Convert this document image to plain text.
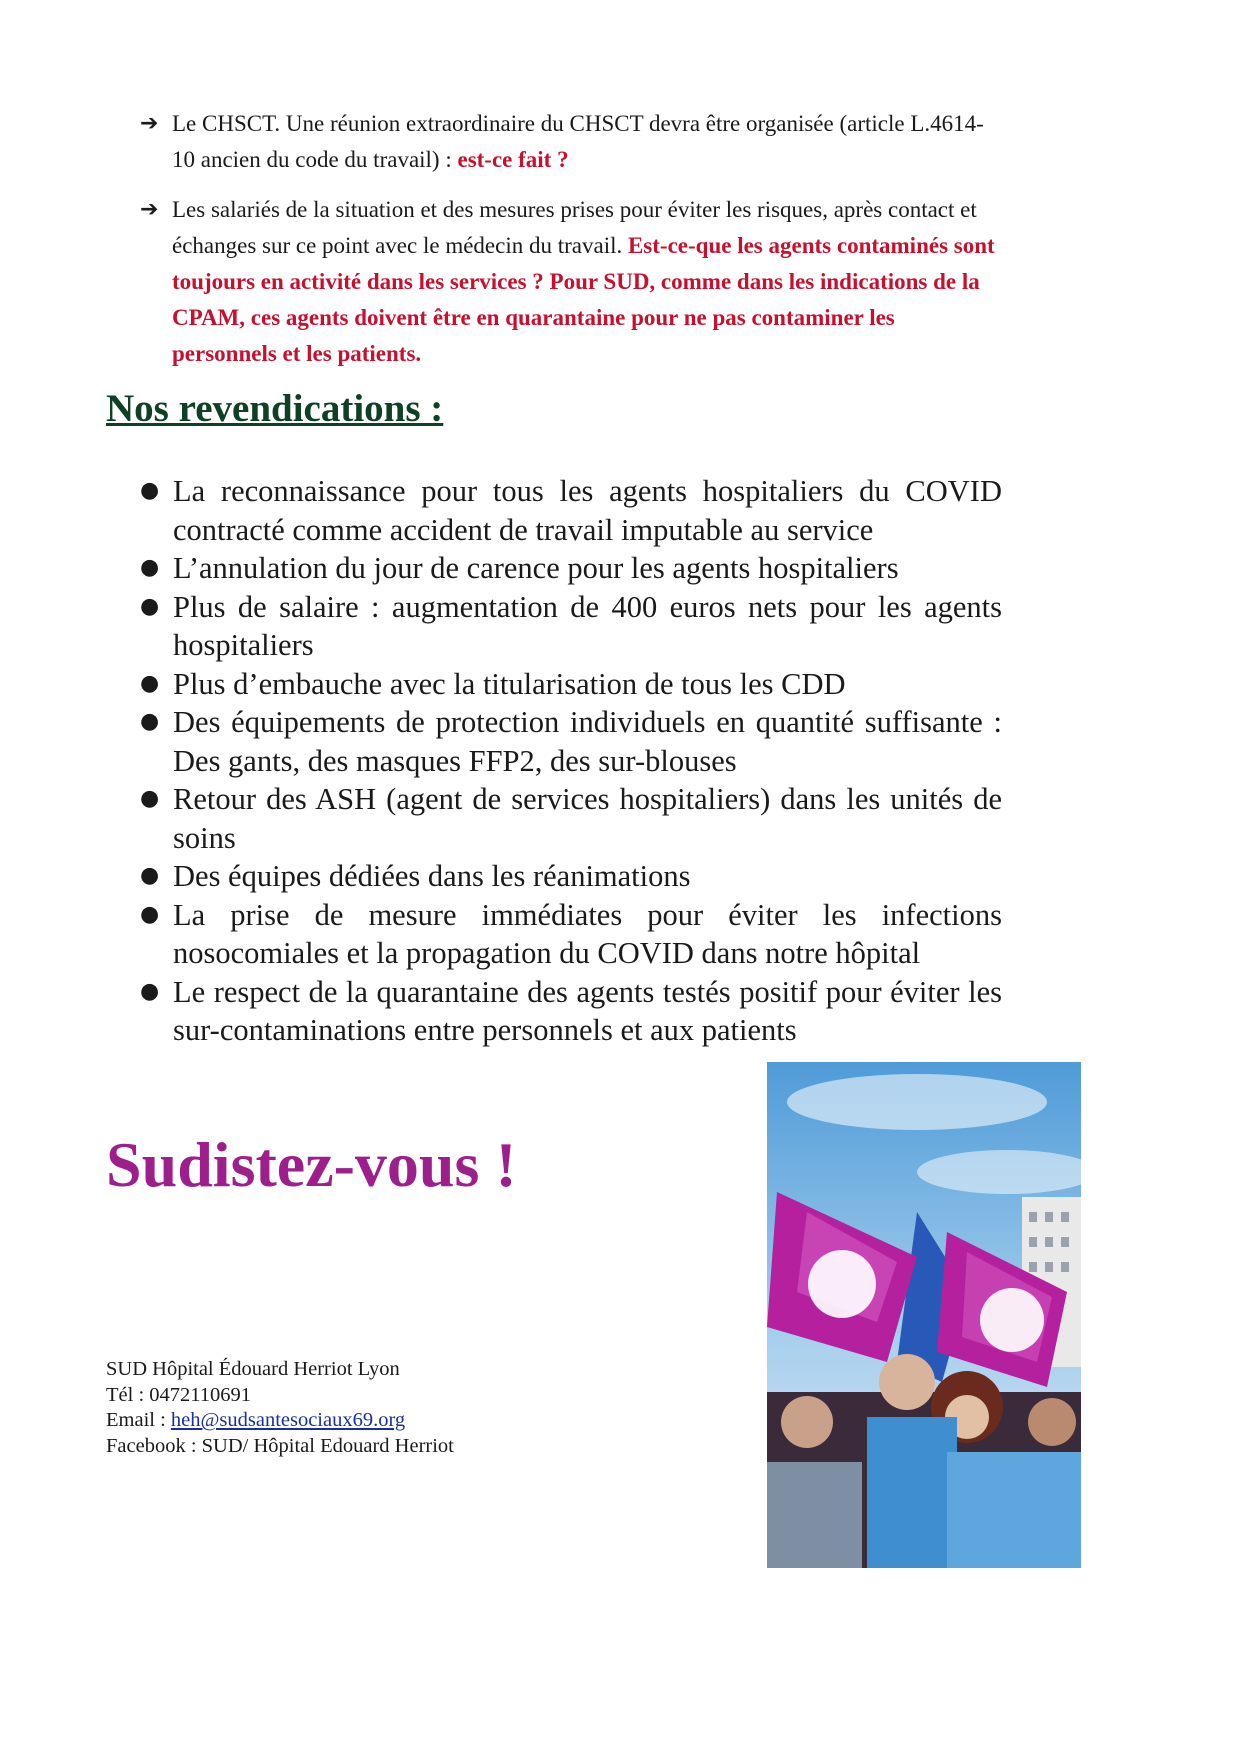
➔ Le CHSCT. Une réunion extraordinaire du CHSCT devra être organisée (article L.4614-10 ancien du code du travail) : est-ce fait ?
➔ Les salariés de la situation et des mesures prises pour éviter les risques, après contact et échanges sur ce point avec le médecin du travail. Est-ce-que les agents contaminés sont toujours en activité dans les services ? Pour SUD, comme dans les indications de la CPAM, ces agents doivent être en quarantaine pour ne pas contaminer les personnels et les patients.
Nos revendications :
● La reconnaissance pour tous les agents hospitaliers du COVID contracté comme accident de travail imputable au service
● L’annulation du jour de carence pour les agents hospitaliers
● Plus de salaire : augmentation de 400 euros nets pour les agents hospitaliers
● Plus d’embauche avec la titularisation de tous les CDD
● Des équipements de protection individuels en quantité suffisante : Des gants, des masques FFP2, des sur-blouses
● Retour des ASH (agent de services hospitaliers) dans les unités de soins
● Des équipes dédiées dans les réanimations
● La prise de mesure immédiates pour éviter les infections nosocomiales et la propagation du COVID dans notre hôpital
● Le respect de la quarantaine des agents testés positif pour éviter les sur-contaminations entre personnels et aux patients
Sudistez-vous !
SUD Hôpital Édouard Herriot Lyon
Tél : 0472110691
Email : heh@sudsantesociaux69.org
Facebook : SUD/ Hôpital Edouard Herriot
